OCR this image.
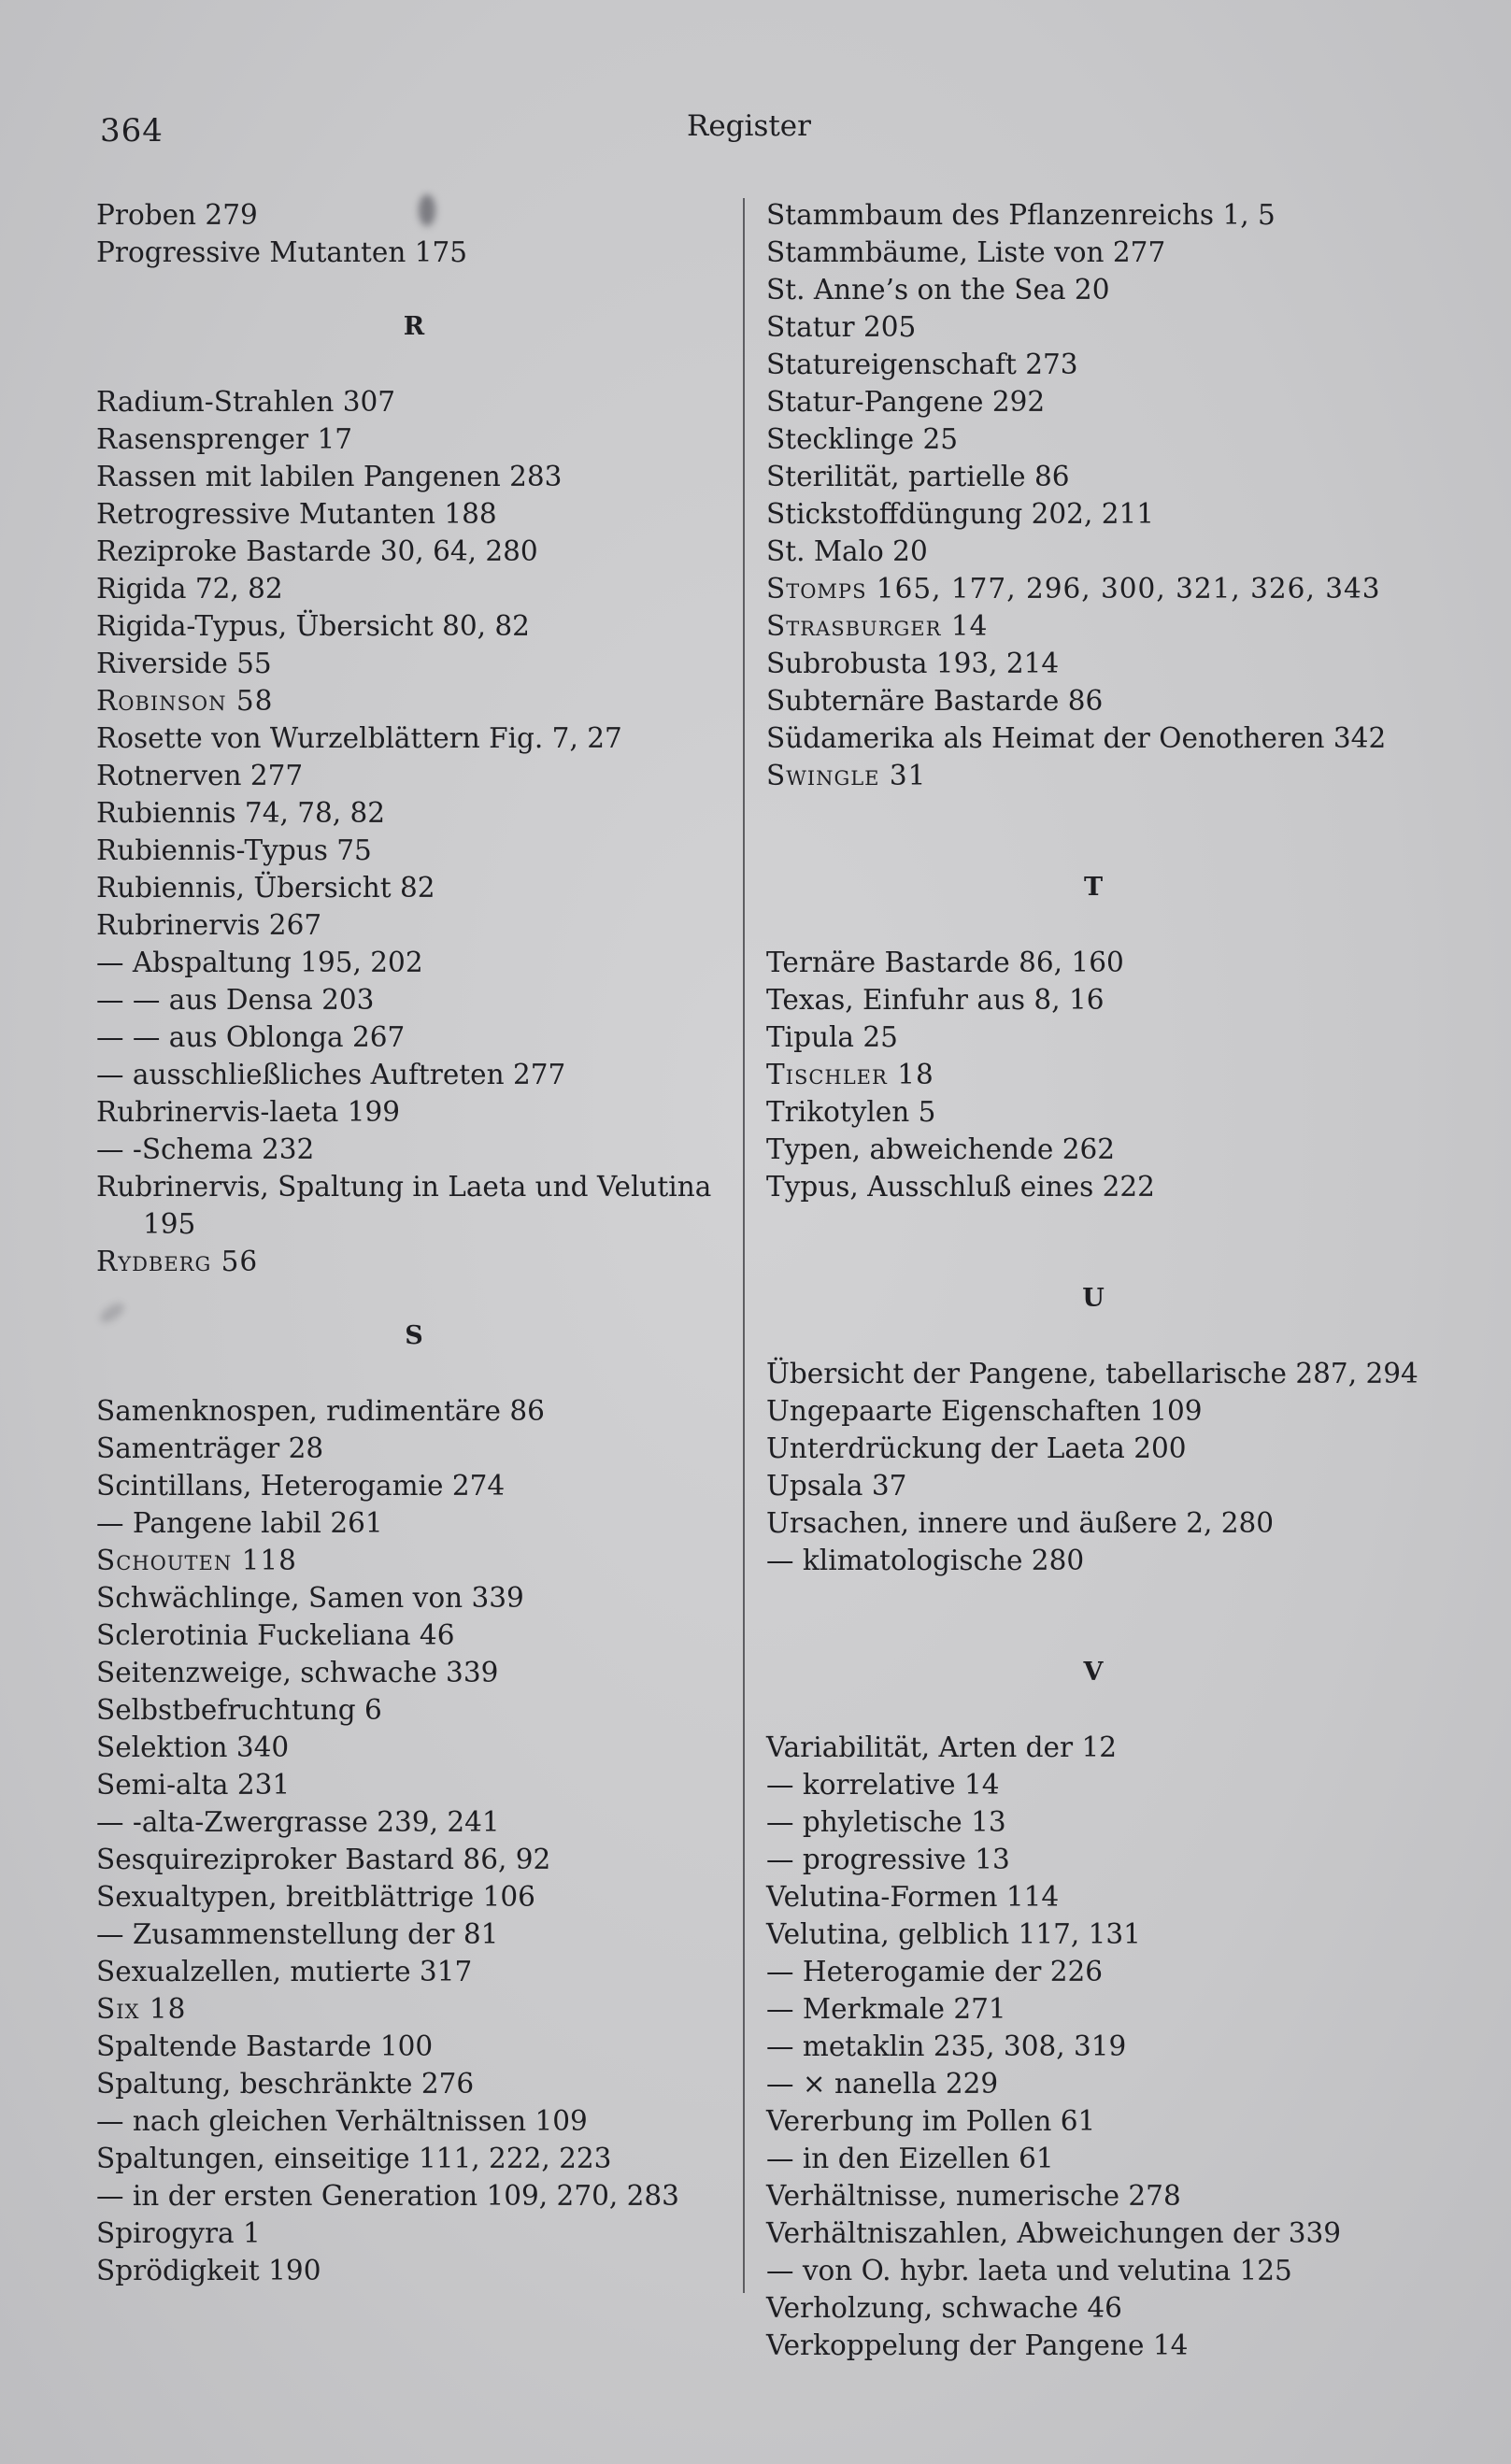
364	Register
Proben 279
Progressive Mutanten 175
R
Radium-Strahlen 307
Rasensprenger 17
Rassen mit labilen Pangenen 283
Retrogressive Mutanten 188
Reziproke Bastarde 30, 64, 280
Rigida 72, 82
Rigida-Typus, Übersicht 80, 82
Riverside 55
Robinson 58
Rosette von Wurzelblättern Fig. 7, 27
Rotnerven 277
Rubiennis 74, 78, 82
Rubiennis-Typus 75
Rubiennis, Übersicht 82
Rubrinervis 267
— Abspaltung 195, 202
— — aus Densa 203
— — aus Oblonga 267
— ausschließliches Auftreten 277
Rubrinervis-laeta 199
— -Schema 232
Rubrinervis, Spaltung in Laeta und Velutina 195
Rydberg 56
S
Samenknospen, rudimentäre 86
Samenträger 28
Scintillans, Heterogamie 274
— Pangene labil 261
Schouten 118
Schwächlinge, Samen von 339
Sclerotinia Fuckeliana 46
Seitenzweige, schwache 339
Selbstbefruchtung 6
Selektion 340
Semi-alta 231
— -alta-Zwergrasse 239, 241
Sesquireziproker Bastard 86, 92
Sexualtypen, breitblättrige 106
— Zusammenstellung der 81
Sexualzellen, mutierte 317
Six 18
Spaltende Bastarde 100
Spaltung, beschränkte 276
— nach gleichen Verhältnissen 109
Spaltungen, einseitige 111, 222, 223
— in der ersten Generation 109, 270, 283
Spirogyra 1
Sprödigkeit 190
Stammbaum des Pflanzenreichs 1, 5
Stammbäume, Liste von 277
St. Anne’s on the Sea 20
Statur 205
Statureigenschaft 273
Statur-Pangene 292
Stecklinge 25
Sterilität, partielle 86
Stickstoffdüngung 202, 211
St. Malo 20
Stomps 165, 177, 296, 300, 321, 326, 343
Strasburger 14
Subrobusta 193, 214
Subternäre Bastarde 86
Südamerika als Heimat der Oenotheren 342
Swingle 31
T
Ternäre Bastarde 86, 160
Texas, Einfuhr aus 8, 16
Tipula 25
Tischler 18
Trikotylen 5
Typen, abweichende 262
Typus, Ausschluß eines 222
U
Übersicht der Pangene, tabellarische 287, 294
Ungepaarte Eigenschaften 109
Unterdrückung der Laeta 200
Upsala 37
Ursachen, innere und äußere 2, 280
— klimatologische 280
V
Variabilität, Arten der 12
— korrelative 14
— phyletische 13
— progressive 13
Velutina-Formen 114
Velutina, gelblich 117, 131
— Heterogamie der 226
— Merkmale 271
— metaklin 235, 308, 319
— × nanella 229
Vererbung im Pollen 61
— in den Eizellen 61
Verhältnisse, numerische 278
Verhältniszahlen, Abweichungen der 339
— von O. hybr. laeta und velutina 125
Verholzung, schwache 46
Verkoppelung der Pangene 14
